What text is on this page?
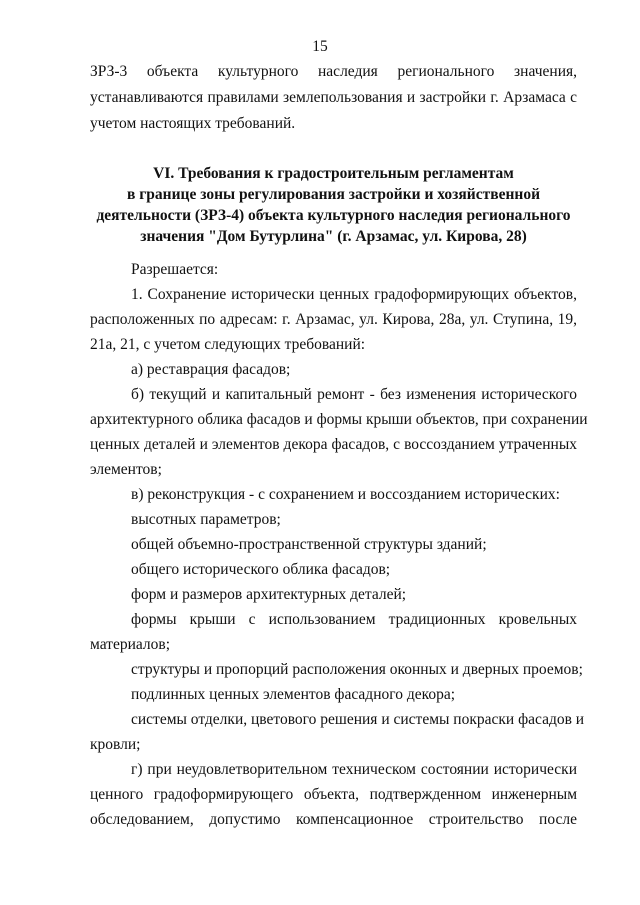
15
ЗРЗ-3 объекта культурного наследия регионального значения,
устанавливаются правилами землепользования и застройки г. Арзамаса с
учетом настоящих требований.
VI. Требования к градостроительным регламентам
в границе зоны регулирования застройки и хозяйственной
деятельности (ЗРЗ-4) объекта культурного наследия регионального
значения "Дом Бутурлина" (г. Арзамас, ул. Кирова, 28)
Разрешается:
1. Сохранение исторически ценных градоформирующих объектов,
расположенных по адресам: г. Арзамас, ул. Кирова, 28а, ул. Ступина, 19,
21а, 21, с учетом следующих требований:
а) реставрация фасадов;
б) текущий и капитальный ремонт - без изменения исторического
архитектурного облика фасадов и формы крыши объектов, при сохранении
ценных деталей и элементов декора фасадов, с воссозданием утраченных
элементов;
в) реконструкция - с сохранением и воссозданием исторических:
высотных параметров;
общей объемно-пространственной структуры зданий;
общего исторического облика фасадов;
форм и размеров архитектурных деталей;
формы крыши с использованием традиционных кровельных
материалов;
структуры и пропорций расположения оконных и дверных проемов;
подлинных ценных элементов фасадного декора;
системы отделки, цветового решения и системы покраски фасадов и
кровли;
г) при неудовлетворительном техническом состоянии исторически
ценного градоформирующего объекта, подтвержденном инженерным
обследованием, допустимо компенсационное строительство после
